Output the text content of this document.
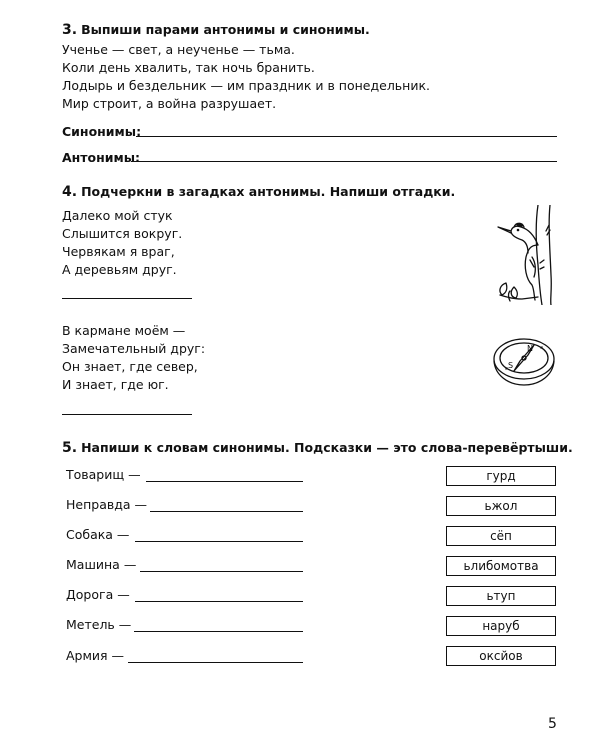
3. Выпиши парами антонимы и синонимы.
Ученье — свет, а неученье — тьма.
Коли день хвалить, так ночь бранить.
Лодырь и бездельник — им праздник и в понедельник.
Мир строит, а война разрушает.
Синонимы:
Антонимы:
4. Подчеркни в загадках антонимы. Напиши отгадки.
Далеко мой стук
Слышится вокруг.
Червякам я враг,
А деревьям друг.
В кармане моём —
Замечательный друг:
Он знает, где север,
И знает, где юг.
N
S
5. Напиши к словам синонимы. Подсказки — это слова-перевёртыши.
Товарищ —	гурд
Неправда —	ьжол
Собака —	сёп
Машина —	ьлибомотва
Дорога —	ьтуп
Метель —	наруб
Армия —	оксйов
5
